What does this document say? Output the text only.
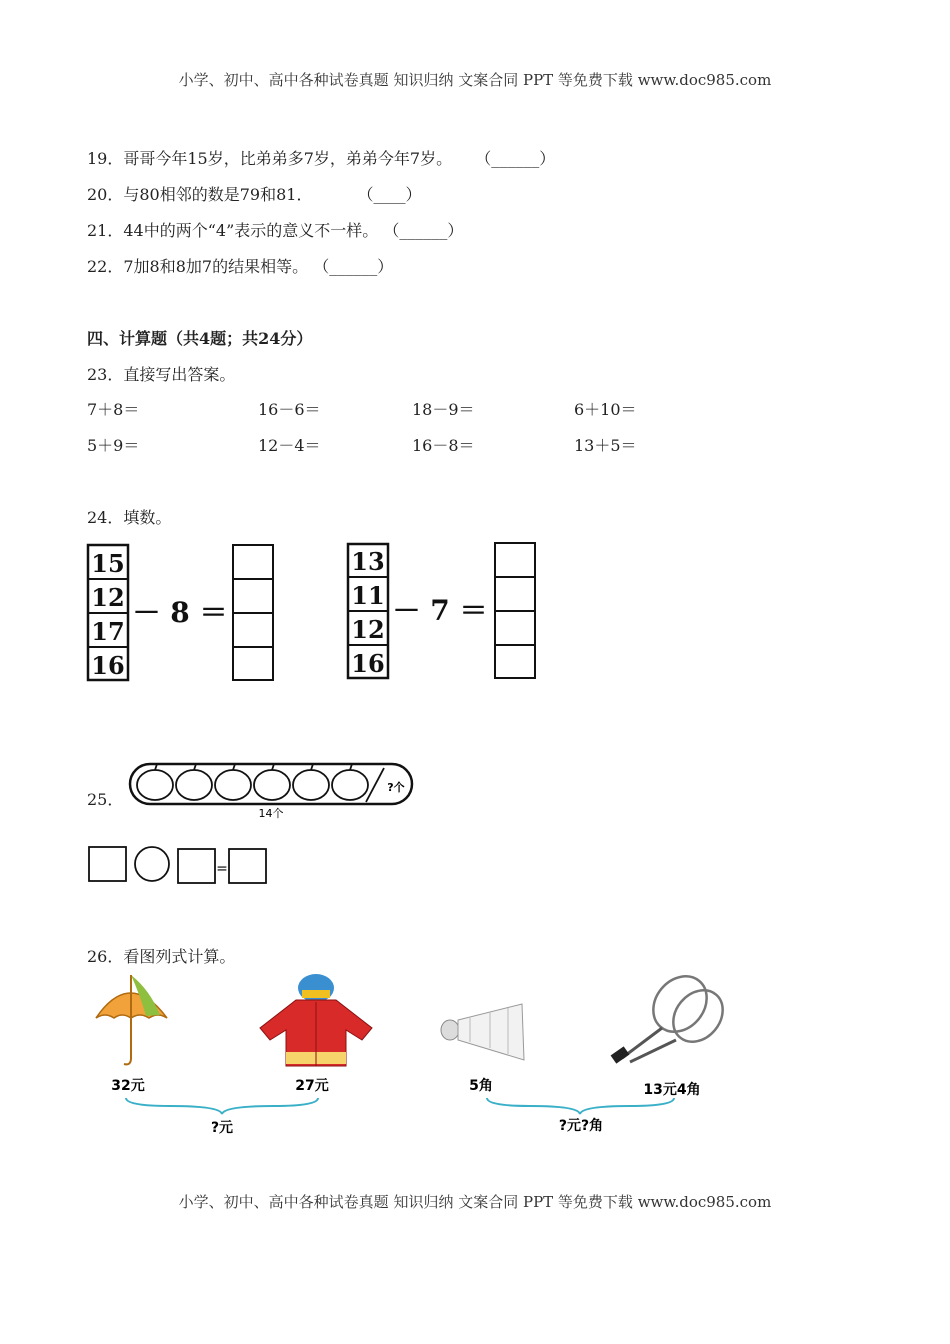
小学、初中、高中各种试卷真题 知识归纳 文案合同 PPT 等免费下载 www.doc985.com
19．哥哥今年15岁，比弟弟多7岁，弟弟今年7岁。 （______）
20．与80相邻的数是79和81．	（____）
21．44中的两个“4”表示的意义不一样。 （______）
22．7加8和8加7的结果相等。 （______）
四、计算题（共4题；共24分）
23．直接写出答案。
7＋8＝	16－6＝	18－9＝	6＋10＝
5＋9＝	12－4＝	16－8＝	13＋5＝
24．填数。
15
12
17
16
－ 8 ＝
13
11
12
16
－ 7 ＝
?个
14个
=
32元	27元
?元
5角	13元4角
?元?角
25．
26．看图列式计算。
小学、初中、高中各种试卷真题 知识归纳 文案合同 PPT 等免费下载 www.doc985.com
